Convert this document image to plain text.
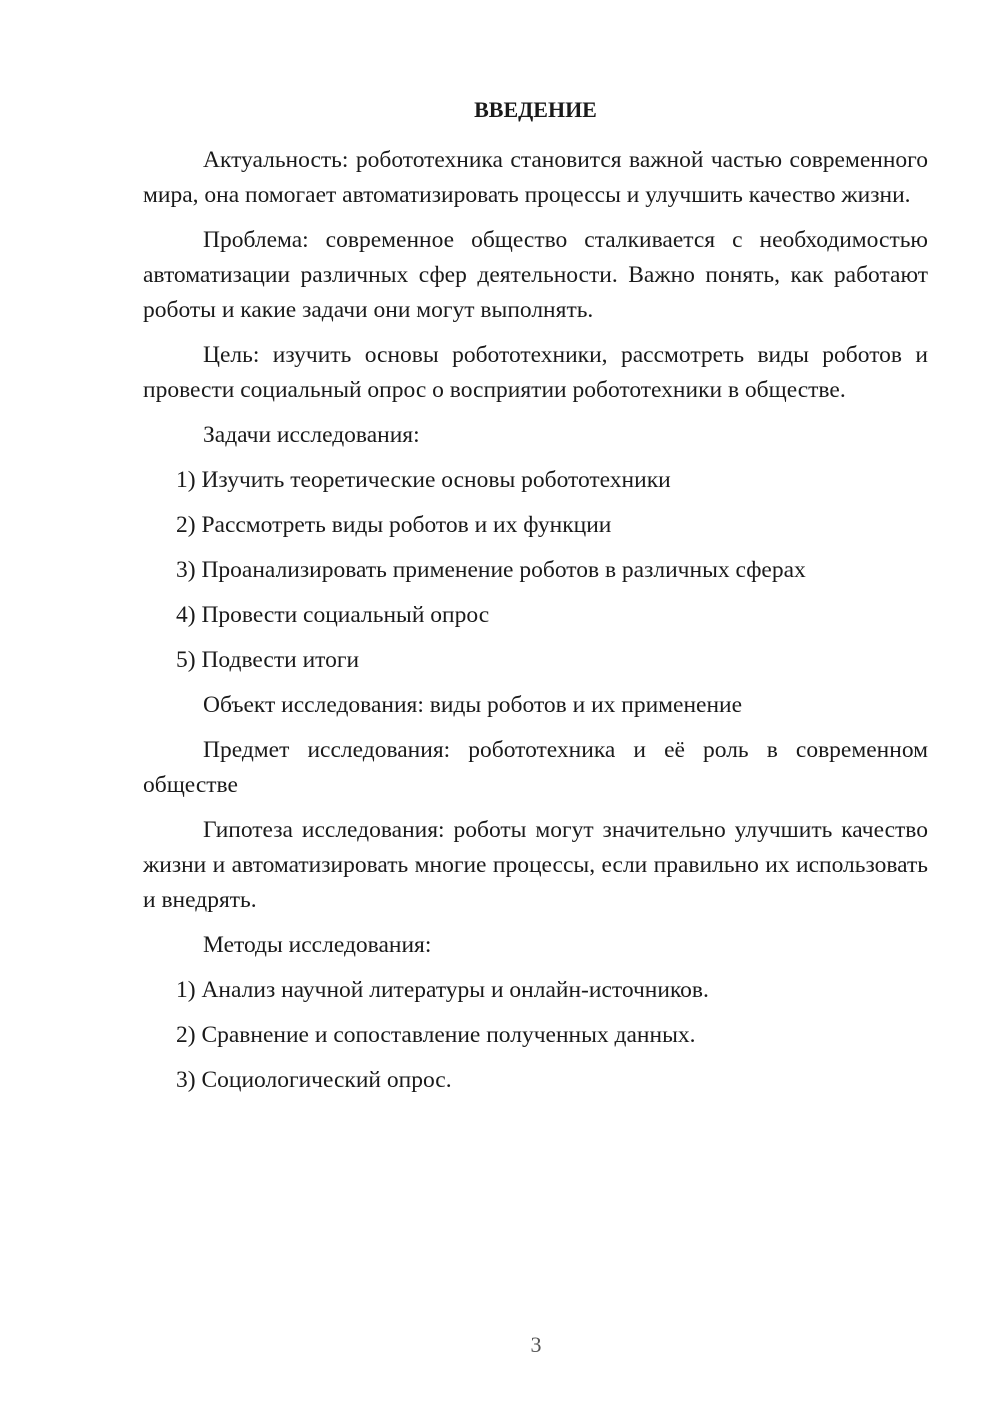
ВВЕДЕНИЕ

Актуальность: робототехника становится важной частью современного мира, она помогает автоматизировать процессы и улучшить качество жизни.

Проблема: современное общество сталкивается с необходимостью автоматизации различных сфер деятельности. Важно понять, как работают роботы и какие задачи они могут выполнять.

Цель: изучить основы робототехники, рассмотреть виды роботов и провести социальный опрос о восприятии робототехники в обществе.

Задачи исследования:

1) Изучить теоретические основы робототехники
2) Рассмотреть виды роботов и их функции
3) Проанализировать применение роботов в различных сферах
4) Провести социальный опрос
5) Подвести итоги

Объект исследования: виды роботов и их применение

Предмет исследования: робототехника и её роль в современном обществе

Гипотеза исследования: роботы могут значительно улучшить качество жизни и автоматизировать многие процессы, если правильно их использовать и внедрять.

Методы исследования:

1) Анализ научной литературы и онлайн-источников.
2) Сравнение и сопоставление полученных данных.
3) Социологический опрос.
3
